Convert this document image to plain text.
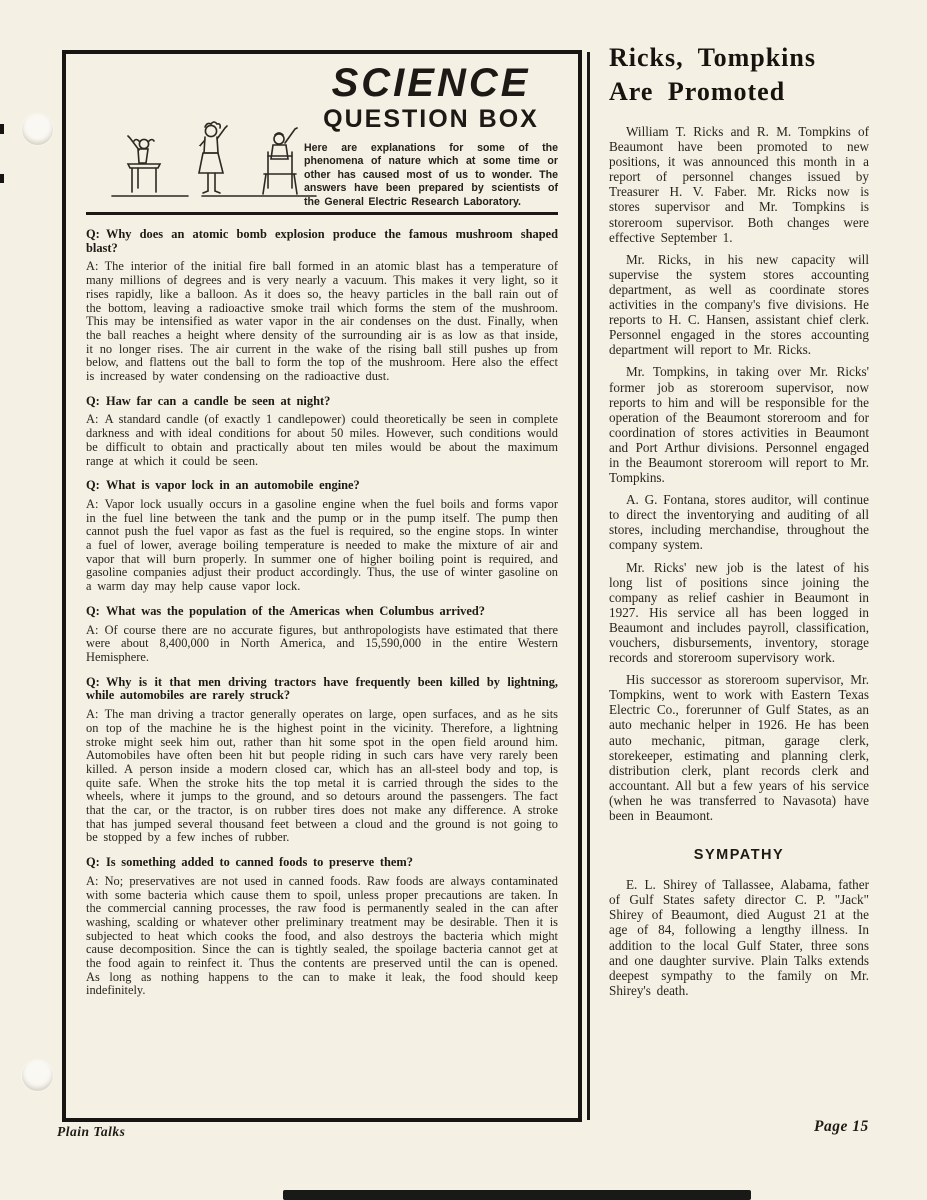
SCIENCE
QUESTION BOX
Here are explanations for some of the phenomena of nature which at some time or other has caused most of us to wonder. The answers have been prepared by scientists of the General Electric Research Laboratory.

Q: Why does an atomic bomb explosion produce the famous mushroom shaped blast?

A: The interior of the initial fire ball formed in an atomic blast has a temperature of many millions of degrees and is very nearly a vacuum. This makes it very light, so it rises rapidly, like a balloon. As it does so, the heavy particles in the ball rain out of the bottom, leaving a radioactive smoke trail which forms the stem of the mushroom. This may be intensified as water vapor in the air condenses on the dust. Finally, when the ball reaches a height where density of the surrounding air is as low as that inside, it no longer rises. The air current in the wake of the rising ball still pushes up from below, and flattens out the ball to form the top of the mushroom. Here also the effect is increased by water condensing on the radioactive dust.

Q: Haw far can a candle be seen at night?

A: A standard candle (of exactly 1 candlepower) could theoretically be seen in complete darkness and with ideal conditions for about 50 miles. However, such conditions would be difficult to obtain and practically about ten miles would be about the maximum range at which it could be seen.

Q: What is vapor lock in an automobile engine?

A: Vapor lock usually occurs in a gasoline engine when the fuel boils and forms vapor in the fuel line between the tank and the pump or in the pump itself. The pump then cannot push the fuel vapor as fast as the fuel is required, so the engine stops. In winter a fuel of lower, average boiling temperature is needed to make the mixture of air and vapor that will burn properly. In summer one of higher boiling point is required, and gasoline companies adjust their product accordingly. Thus, the use of winter gasoline on a warm day may help cause vapor lock.

Q: What was the population of the Americas when Columbus arrived?

A: Of course there are no accurate figures, but anthropologists have estimated that there were about 8,400,000 in North America, and 15,590,000 in the entire Western Hemisphere.

Q: Why is it that men driving tractors have frequently been killed by lightning, while automobiles are rarely struck?

A: The man driving a tractor generally operates on large, open surfaces, and as he sits on top of the machine he is the highest point in the vicinity. Therefore, a lightning stroke might seek him out, rather than hit some spot in the open field around him. Automobiles have often been hit but people riding in such cars have very rarely been killed. A person inside a modern closed car, which has an all-steel body and top, is quite safe. When the stroke hits the top metal it is carried through the sides to the wheels, where it jumps to the ground, and so detours around the passengers. The fact that the car, or the tractor, is on rubber tires does not make any difference. A stroke that has jumped several thousand feet between a cloud and the ground is not going to be stopped by a few inches of rubber.

Q: Is something added to canned foods to preserve them?

A: No; preservatives are not used in canned foods. Raw foods are always contaminated with some bacteria which cause them to spoil, unless proper precautions are taken. In the commercial canning processes, the raw food is permanently sealed in the can after washing, scalding or whatever other preliminary treatment may be desirable. Then it is subjected to heat which cooks the food, and also destroys the bacteria which might cause decomposition. Since the can is tightly sealed, the spoilage bacteria cannot get at the food again to reinfect it. Thus the contents are preserved until the can is opened. As long as nothing happens to the can to make it leak, the food should keep indefinitely.

Ricks, Tompkins
Are Promoted

William T. Ricks and R. M. Tompkins of Beaumont have been promoted to new positions, it was announced this month in a report of personnel changes issued by Treasurer H. V. Faber. Mr. Ricks now is stores supervisor and Mr. Tompkins is storeroom supervisor. Both changes were effective September 1.

Mr. Ricks, in his new capacity will supervise the system stores accounting department, as well as coordinate stores activities in the company's five divisions. He reports to H. C. Hansen, assistant chief clerk. Personnel engaged in the stores accounting department will report to Mr. Ricks.

Mr. Tompkins, in taking over Mr. Ricks' former job as storeroom supervisor, now reports to him and will be responsible for the operation of the Beaumont storeroom and for coordination of stores activities in Beaumont and Port Arthur divisions. Personnel engaged in the Beaumont storeroom will report to Mr. Tompkins.

A. G. Fontana, stores auditor, will continue to direct the inventorying and auditing of all stores, including merchandise, throughout the company system.

Mr. Ricks' new job is the latest of his long list of positions since joining the company as relief cashier in Beaumont in 1927. His service all has been logged in Beaumont and includes payroll, classification, vouchers, disbursements, inventory, storage records and storeroom supervisory work.

His successor as storeroom supervisor, Mr. Tompkins, went to work with Eastern Texas Electric Co., forerunner of Gulf States, as an auto mechanic helper in 1926. He has been auto mechanic, pitman, garage clerk, storekeeper, estimating and planning clerk, distribution clerk, plant records clerk and accountant. All but a few years of his service (when he was transferred to Navasota) have been in Beaumont.

SYMPATHY

E. L. Shirey of Tallassee, Alabama, father of Gulf States safety director C. P. "Jack" Shirey of Beaumont, died August 21 at the age of 84, following a lengthy illness. In addition to the local Gulf Stater, three sons and one daughter survive. Plain Talks extends deepest sympathy to the family on Mr. Shirey's death.

Plain Talks	Page 15
